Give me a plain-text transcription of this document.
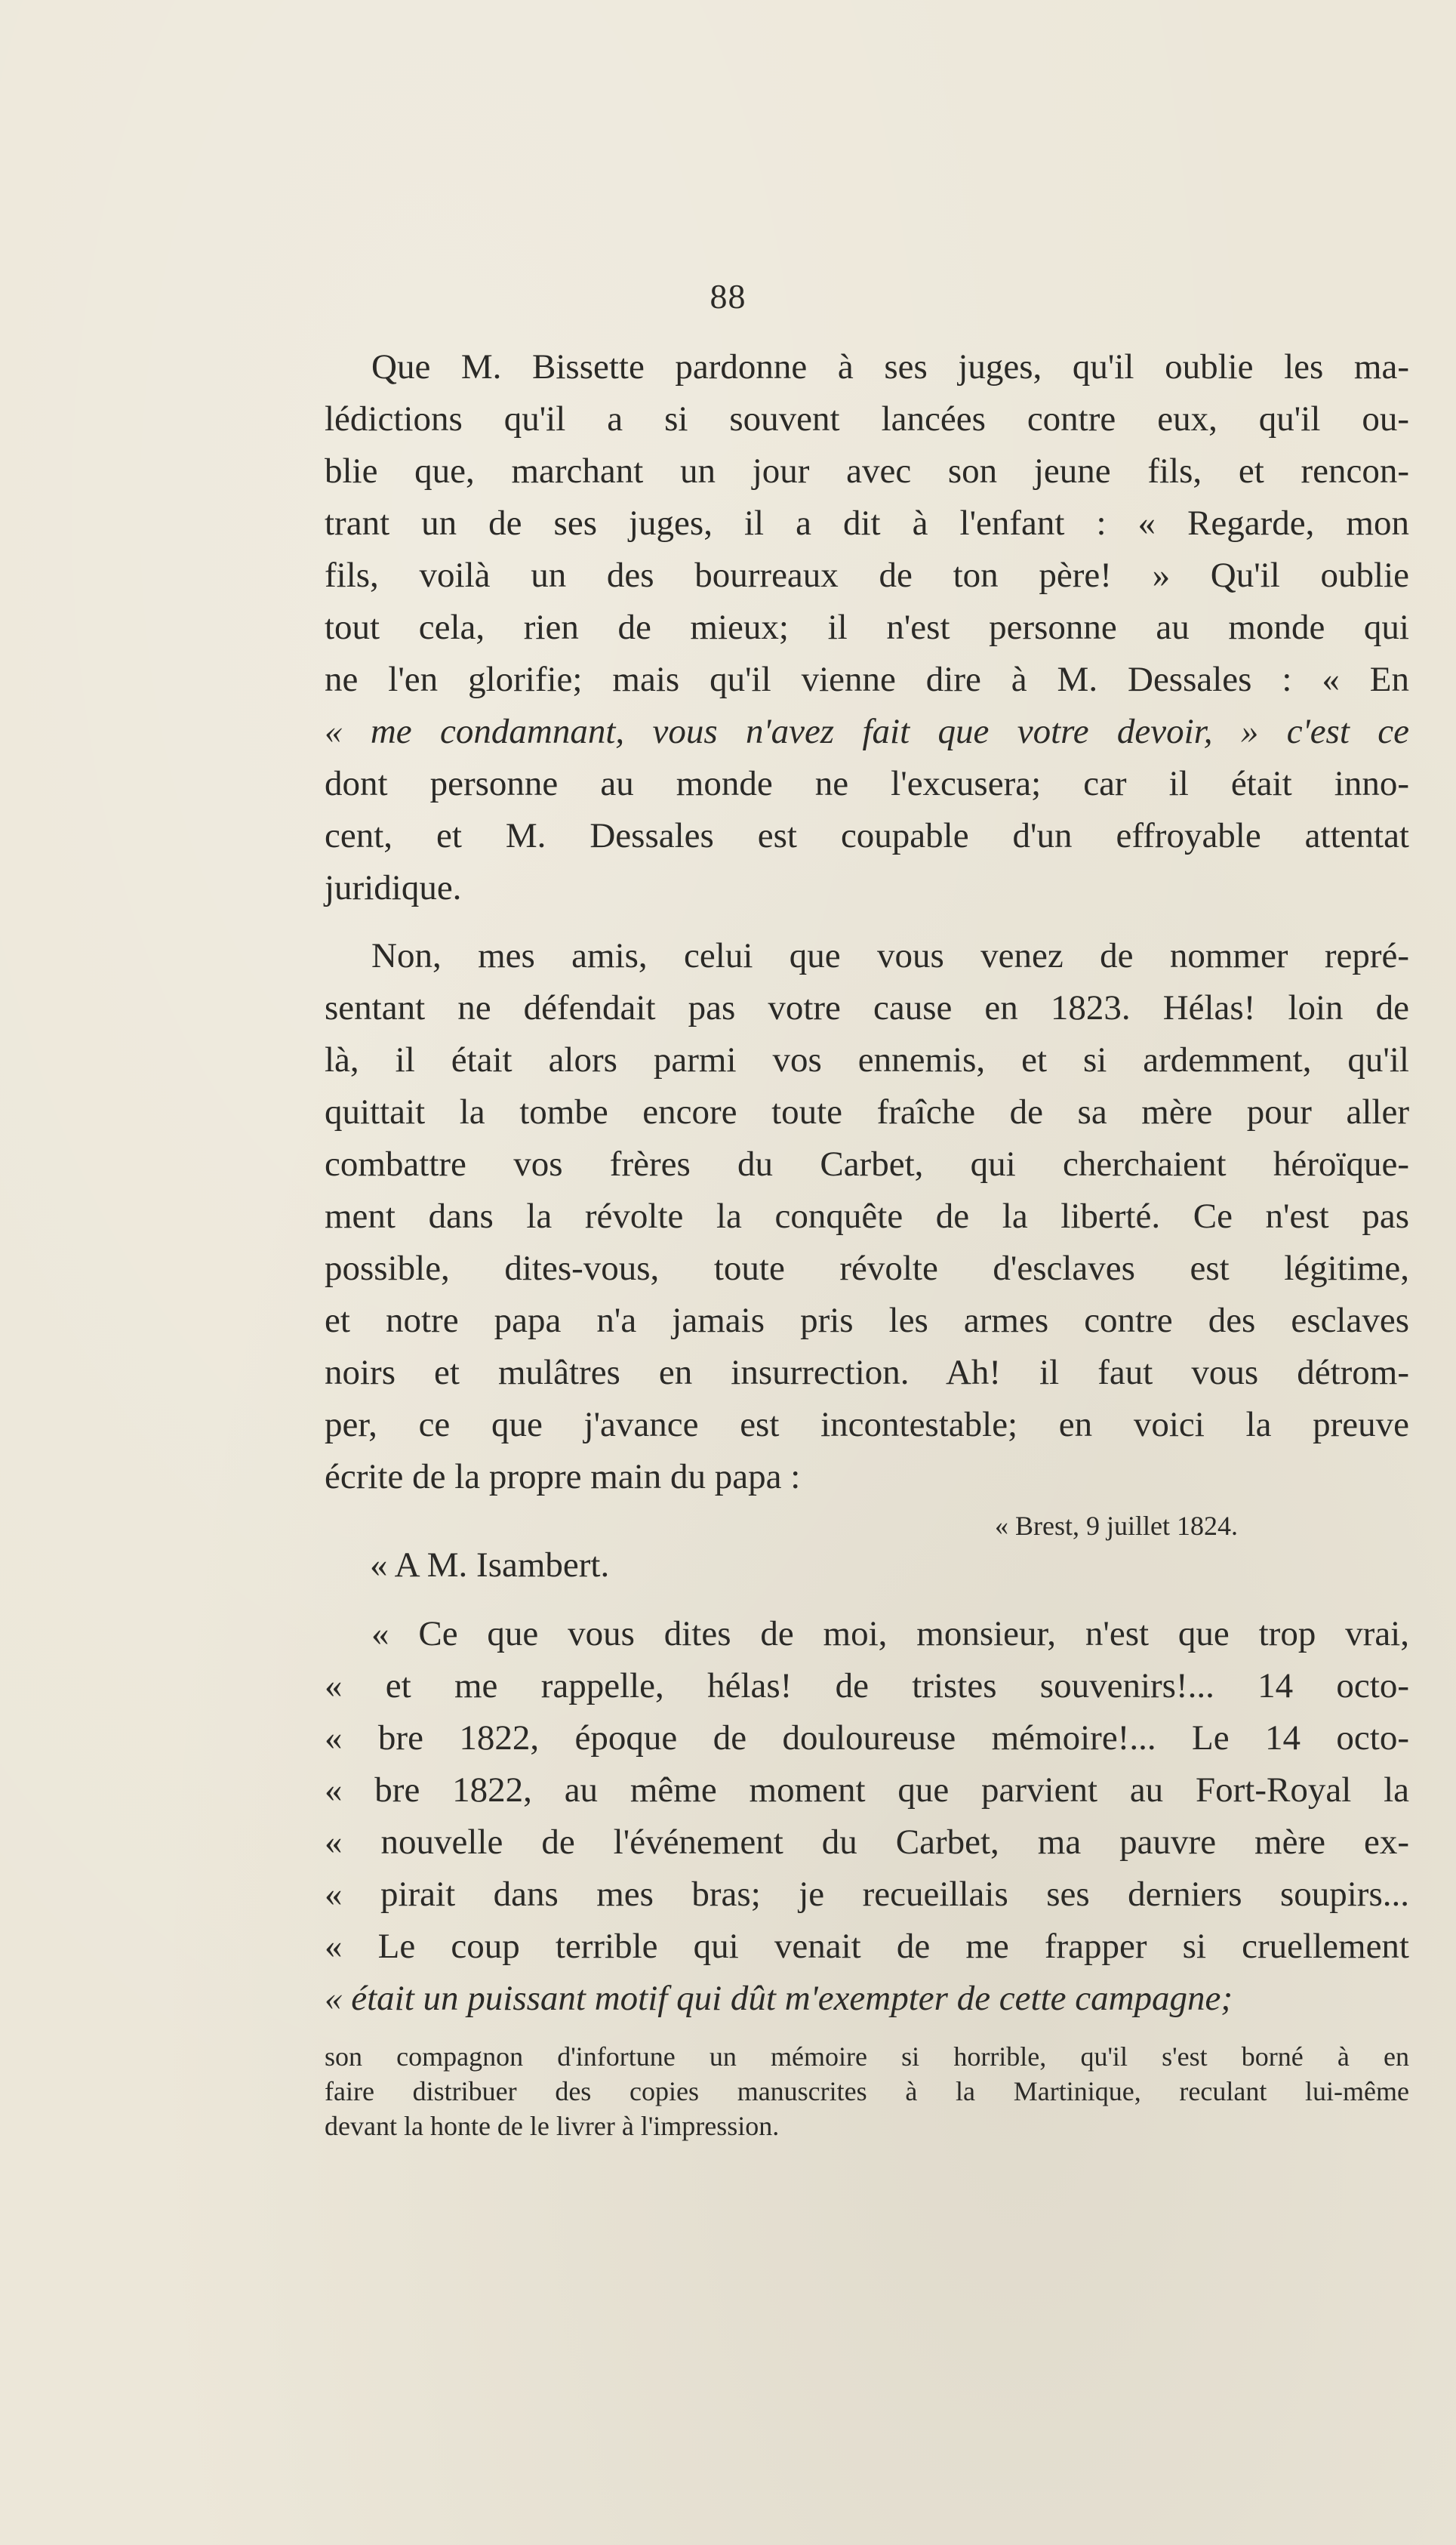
88
Que M. Bissette pardonne à ses juges, qu'il oublie les ma-
lédictions qu'il a si souvent lancées contre eux, qu'il ou-
blie que, marchant un jour avec son jeune fils, et rencon-
trant un de ses juges, il a dit à l'enfant : « Regarde, mon
fils, voilà un des bourreaux de ton père! » Qu'il oublie
tout cela, rien de mieux; il n'est personne au monde qui
ne l'en glorifie; mais qu'il vienne dire à M. Dessales : « En
« me condamnant, vous n'avez fait que votre devoir, » c'est ce
dont personne au monde ne l'excusera; car il était inno-
cent, et M. Dessales est coupable d'un effroyable attentat
juridique.
Non, mes amis, celui que vous venez de nommer repré-
sentant ne défendait pas votre cause en 1823. Hélas! loin de
là, il était alors parmi vos ennemis, et si ardemment, qu'il
quittait la tombe encore toute fraîche de sa mère pour aller
combattre vos frères du Carbet, qui cherchaient héroïque-
ment dans la révolte la conquête de la liberté. Ce n'est pas
possible, dites-vous, toute révolte d'esclaves est légitime,
et notre papa n'a jamais pris les armes contre des esclaves
noirs et mulâtres en insurrection. Ah! il faut vous détrom-
per, ce que j'avance est incontestable; en voici la preuve
écrite de la propre main du papa :
« Brest, 9 juillet 1824.
« A M. Isambert.
« Ce que vous dites de moi, monsieur, n'est que trop vrai,
« et me rappelle, hélas! de tristes souvenirs!... 14 octo-
« bre 1822, époque de douloureuse mémoire!... Le 14 octo-
« bre 1822, au même moment que parvient au Fort-Royal la
« nouvelle de l'événement du Carbet, ma pauvre mère ex-
« pirait dans mes bras; je recueillais ses derniers soupirs...
« Le coup terrible qui venait de me frapper si cruellement
« était un puissant motif qui dût m'exempter de cette campagne;
son compagnon d'infortune un mémoire si horrible, qu'il s'est borné à en
faire distribuer des copies manuscrites à la Martinique, reculant lui-même
devant la honte de le livrer à l'impression.
